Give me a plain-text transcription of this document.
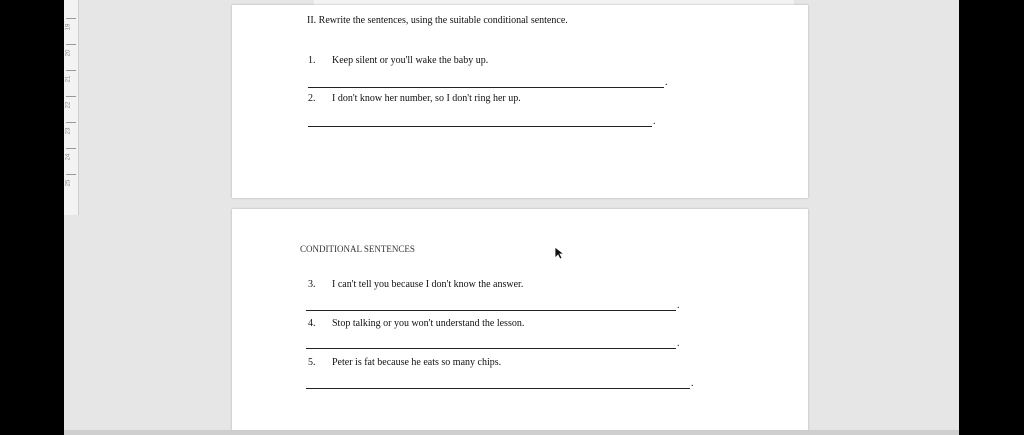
19
20
21
22
23
24
25
II. Rewrite the sentences, using the suitable conditional sentence.
1. Keep silent or you'll wake the baby up.
.
2. I don't know her number, so I don't ring her up.
.
CONDITIONAL SENTENCES
3. I can't tell you because I don't know the answer.
.
4. Stop talking or you won't understand the lesson.
.
5. Peter is fat because he eats so many chips.
.
